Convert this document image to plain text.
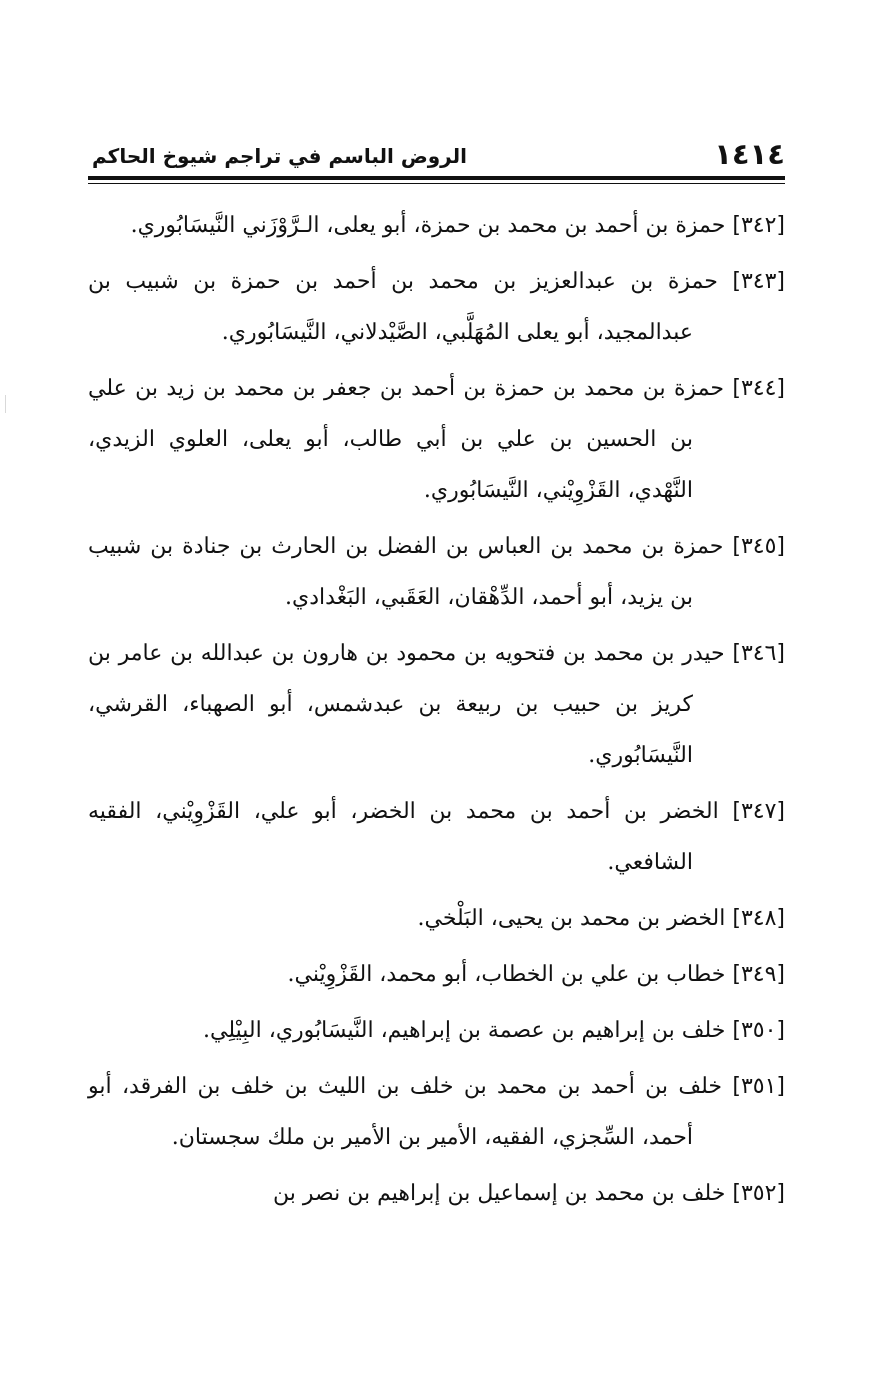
١٤١٤
الروض الباسم في تراجم شيوخ الحاكم

[٣٤٢] حمزة بن أحمد بن محمد بن حمزة، أبو يعلى، الـرَّوْزَني النَّيسَابُوري.

[٣٤٣] حمزة بن عبدالعزيز بن محمد بن أحمد بن حمزة بن شبيب بن عبدالمجيد، أبو يعلى المُهَلَّبي، الصَّيْدلاني، النَّيسَابُوري.

[٣٤٤] حمزة بن محمد بن حمزة بن أحمد بن جعفر بن محمد بن زيد بن علي بن الحسين بن علي بن أبي طالب، أبو يعلى، العلوي الزيدي، النَّهْدي، القَزْوِيْني، النَّيسَابُوري.

[٣٤٥] حمزة بن محمد بن العباس بن الفضل بن الحارث بن جنادة بن شبيب بن يزيد، أبو أحمد، الدِّهْقان، العَقَبي، البَغْدادي.

[٣٤٦] حيدر بن محمد بن فتحويه بن محمود بن هارون بن عبدالله بن عامر بن كريز بن حبيب بن ربيعة بن عبدشمس، أبو الصهباء، القرشي، النَّيسَابُوري.

[٣٤٧] الخضر بن أحمد بن محمد بن الخضر، أبو علي، القَزْوِيْني، الفقيه الشافعي.

[٣٤٨] الخضر بن محمد بن يحيى، البَلْخي.

[٣٤٩] خطاب بن علي بن الخطاب، أبو محمد، القَزْوِيْني.

[٣٥٠] خلف بن إبراهيم بن عصمة بن إبراهيم، النَّيسَابُوري، البِيْلِي.

[٣٥١] خلف بن أحمد بن محمد بن خلف بن الليث بن خلف بن الفرقد، أبو أحمد، السِّجزي، الفقيه، الأمير بن الأمير بن ملك سجستان.

[٣٥٢] خلف بن محمد بن إسماعيل بن إبراهيم بن نصر بن
